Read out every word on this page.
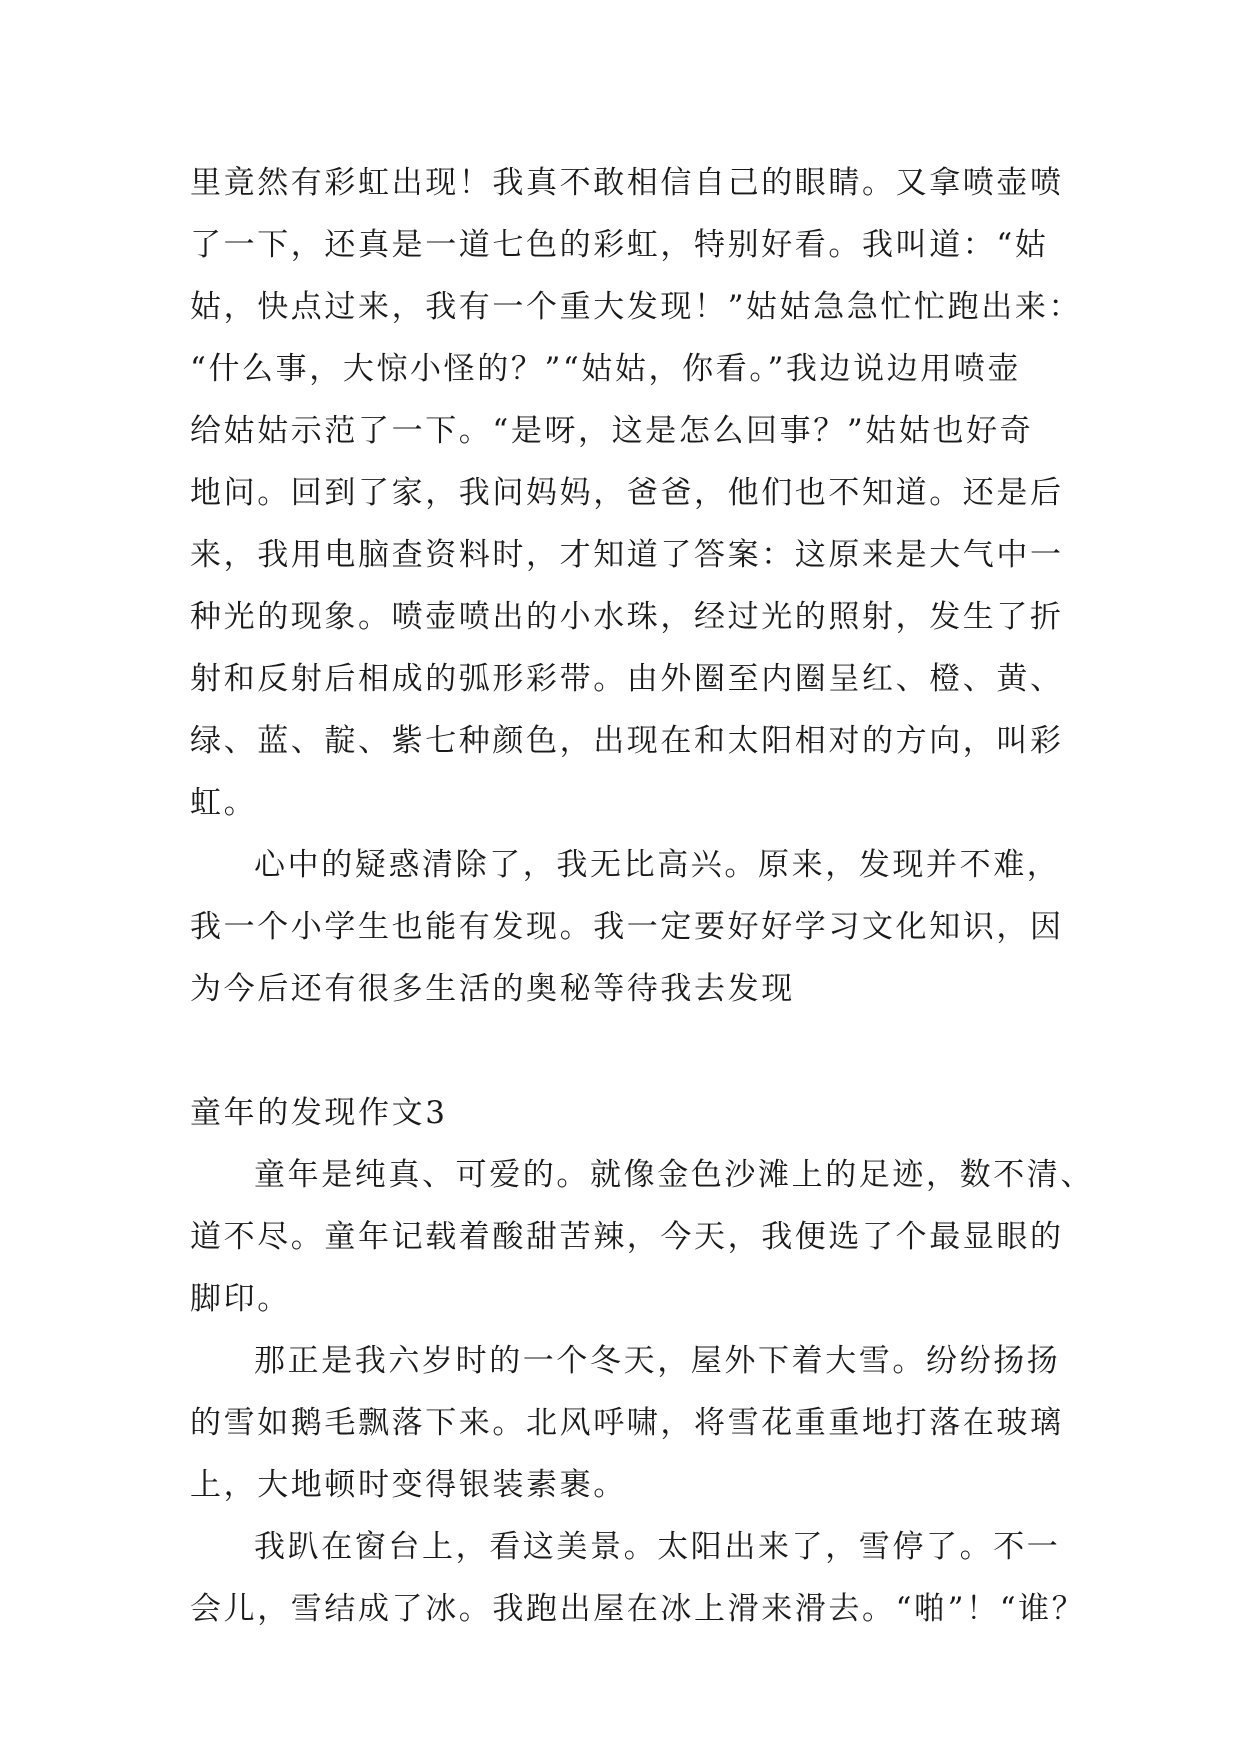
里竟然有彩虹出现！我真不敢相信自己的眼睛。又拿喷壶喷
了一下，还真是一道七色的彩虹，特别好看。我叫道：“姑
姑，快点过来，我有一个重大发现！”姑姑急急忙忙跑出来：
“什么事，大惊小怪的？”“姑姑，你看。”我边说边用喷壶
给姑姑示范了一下。“是呀，这是怎么回事？”姑姑也好奇
地问。回到了家，我问妈妈，爸爸，他们也不知道。还是后
来，我用电脑查资料时，才知道了答案：这原来是大气中一
种光的现象。喷壶喷出的小水珠，经过光的照射，发生了折
射和反射后相成的弧形彩带。由外圈至内圈呈红、橙、黄、
绿、蓝、靛、紫七种颜色，出现在和太阳相对的方向，叫彩
虹。
心中的疑惑清除了，我无比高兴。原来，发现并不难，
我一个小学生也能有发现。我一定要好好学习文化知识，因
为今后还有很多生活的奥秘等待我去发现
童年的发现作文3
童年是纯真、可爱的。就像金色沙滩上的足迹，数不清、
道不尽。童年记载着酸甜苦辣，今天，我便选了个最显眼的
脚印。
那正是我六岁时的一个冬天，屋外下着大雪。纷纷扬扬
的雪如鹅毛飘落下来。北风呼啸，将雪花重重地打落在玻璃
上，大地顿时变得银装素裹。
我趴在窗台上，看这美景。太阳出来了，雪停了。不一
会儿，雪结成了冰。我跑出屋在冰上滑来滑去。“啪”！“谁？
